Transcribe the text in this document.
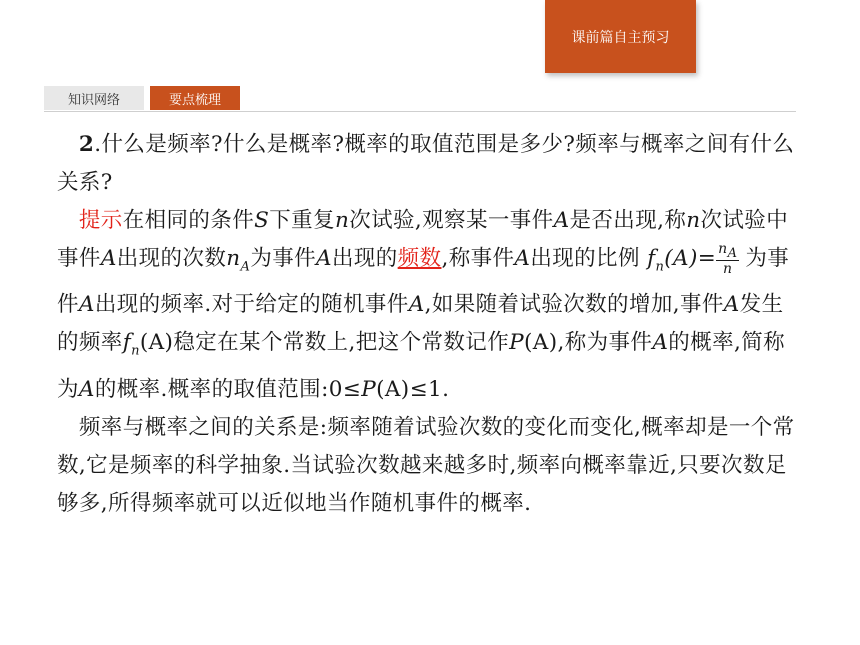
课前篇自主预习
知识网络	要点梳理

 2.什么是频率?什么是概率?概率的取值范围是多少?频率与概率之间有什么关系?

 提示在相同的条件S下重复n次试验,观察某一事件A是否出现,称n次试验中事件A出现的次数$n_A$为事件A出现的频数,称事件A出现的比例 $f_n(A)= \frac{n_A}{n}$ 为事件A出现的频率.对于给定的随机事件A,如果随着试验次数的增加,事件A发生的频率$f_n(A)$稳定在某个常数上,把这个常数记作P(A),称为事件A的概率,简称为A的概率.概率的取值范围:0≤P(A)≤1.

 频率与概率之间的关系是:频率随着试验次数的变化而变化,概率却是一个常数,它是频率的科学抽象.当试验次数越来越多时,频率向概率靠近,只要次数足够多,所得频率就可以近似地当作随机事件的概率.
